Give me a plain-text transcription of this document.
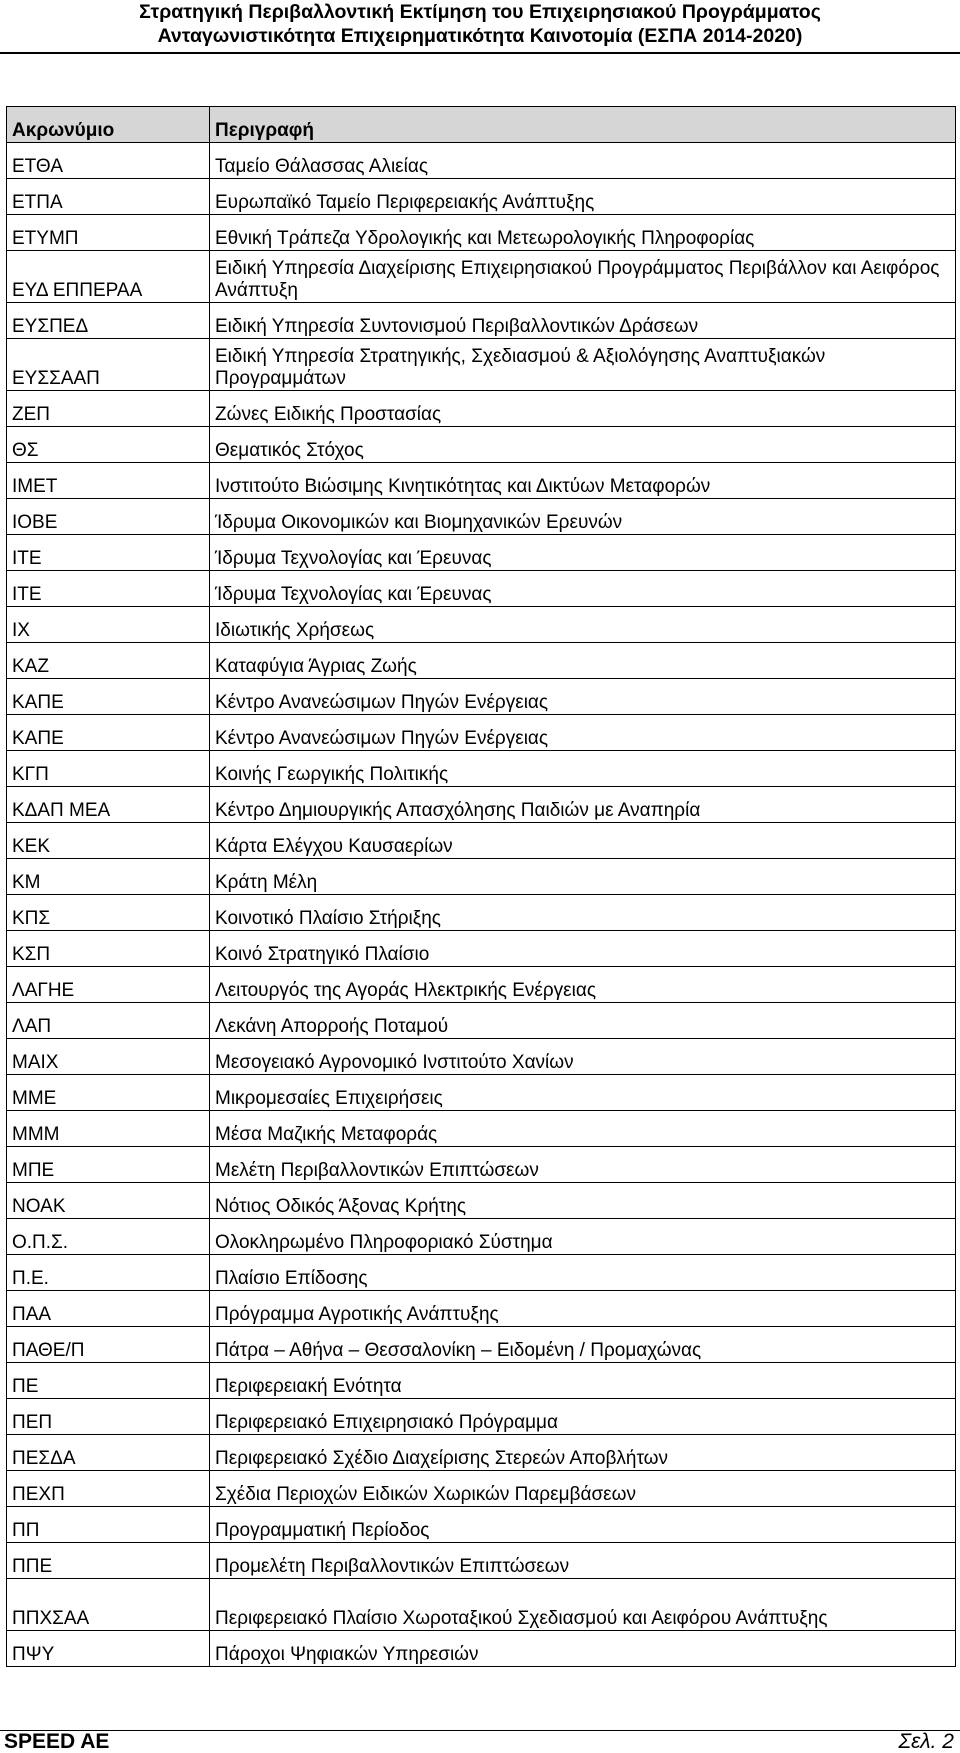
Στρατηγική Περιβαλλοντική Εκτίμηση του Επιχειρησιακού Προγράμματος
Ανταγωνιστικότητα Επιχειρηματικότητα Καινοτομία (ΕΣΠΑ 2014-2020)
Ακρωνύμιο	Περιγραφή
ΕΤΘΑ	Ταμείο Θάλασσας Αλιείας
ΕΤΠΑ	Ευρωπαϊκό Ταμείο Περιφερειακής Ανάπτυξης
ΕΤΥΜΠ	Εθνική Τράπεζα Υδρολογικής και Μετεωρολογικής Πληροφορίας
ΕΥΔ ΕΠΠΕΡΑΑ	Ειδική Υπηρεσία Διαχείρισης Επιχειρησιακού Προγράμματος Περιβάλλον και Αειφόρος Ανάπτυξη
ΕΥΣΠΕΔ	Ειδική Υπηρεσία Συντονισμού Περιβαλλοντικών Δράσεων
ΕΥΣΣΑΑΠ	Ειδική Υπηρεσία Στρατηγικής, Σχεδιασμού & Αξιολόγησης Αναπτυξιακών Προγραμμάτων
ΖΕΠ	Ζώνες Ειδικής Προστασίας
ΘΣ	Θεματικός Στόχος
ΙΜΕΤ	Ινστιτούτο Βιώσιμης Κινητικότητας και Δικτύων Μεταφορών
ΙΟΒΕ	Ίδρυμα Οικονομικών και Βιομηχανικών Ερευνών
ΙΤΕ	Ίδρυμα Τεχνολογίας και Έρευνας
ΙΤΕ	Ίδρυμα Τεχνολογίας και Έρευνας
ΙΧ	Ιδιωτικής Χρήσεως
ΚΑΖ	Καταφύγια Άγριας Ζωής
ΚΑΠΕ	Κέντρο Ανανεώσιμων Πηγών Ενέργειας
ΚΑΠΕ	Κέντρο Ανανεώσιμων Πηγών Ενέργειας
ΚΓΠ	Κοινής Γεωργικής Πολιτικής
ΚΔΑΠ ΜΕΑ	Κέντρο Δημιουργικής Απασχόλησης Παιδιών με Αναπηρία
ΚΕΚ	Κάρτα Ελέγχου Καυσαερίων
ΚΜ	Κράτη Μέλη
ΚΠΣ	Κοινοτικό Πλαίσιο Στήριξης
ΚΣΠ	Κοινό Στρατηγικό Πλαίσιο
ΛΑΓΗΕ	Λειτουργός της Αγοράς Ηλεκτρικής Ενέργειας
ΛΑΠ	Λεκάνη Απορροής Ποταμού
ΜΑΙΧ	Μεσογειακό Αγρονομικό Ινστιτούτο Χανίων
ΜΜΕ	Μικρομεσαίες Επιχειρήσεις
ΜΜΜ	Μέσα Μαζικής Μεταφοράς
ΜΠΕ	Μελέτη Περιβαλλοντικών Επιπτώσεων
ΝΟΑΚ	Νότιος Οδικός Άξονας Κρήτης
Ο.Π.Σ.	Ολοκληρωμένο Πληροφοριακό Σύστημα
Π.Ε.	Πλαίσιο Επίδοσης
ΠΑΑ	Πρόγραμμα Αγροτικής Ανάπτυξης
ΠΑΘΕ/Π	Πάτρα – Αθήνα – Θεσσαλονίκη – Ειδομένη / Προμαχώνας
ΠΕ	Περιφερειακή Ενότητα
ΠΕΠ	Περιφερειακό Επιχειρησιακό Πρόγραμμα
ΠΕΣΔΑ	Περιφερειακό Σχέδιο Διαχείρισης Στερεών Αποβλήτων
ΠΕΧΠ	Σχέδια Περιοχών Ειδικών Χωρικών Παρεμβάσεων
ΠΠ	Προγραμματική Περίοδος
ΠΠΕ	Προμελέτη Περιβαλλοντικών Επιπτώσεων
ΠΠΧΣΑΑ	Περιφερειακό Πλαίσιο Χωροταξικού Σχεδιασμού και Αειφόρου Ανάπτυξης
ΠΨΥ	Πάροχοι Ψηφιακών Υπηρεσιών
SPEED AE	Σελ. 2
